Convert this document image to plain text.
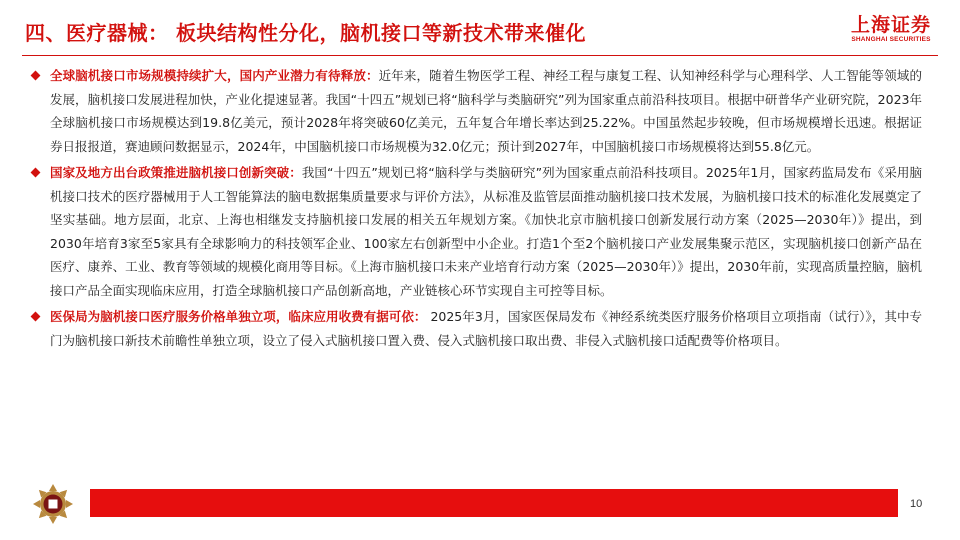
四、医疗器械： 板块结构性分化，脑机接口等新技术带来催化	上海证券
SHANGHAI SECURITIES

全球脑机接口市场规模持续扩大，国内产业潜力有待释放：近年来，随着生物医学工程、神经工程与康复工程、认知神经科学与心理科学、人工智能等领域的发展，脑机接口发展进程加快，产业化提速显著。我国“十四五”规划已将“脑科学与类脑研究”列为国家重点前沿科技项目。根据中研普华产业研究院，2023年全球脑机接口市场规模达到19.8亿美元，预计2028年将突破60亿美元，五年复合年增长率达到25.22%。中国虽然起步较晚，但市场规模增长迅速。根据证券日报报道，赛迪顾问数据显示，2024年，中国脑机接口市场规模为32.0亿元；预计到2027年，中国脑机接口市场规模将达到55.8亿元。

国家及地方出台政策推进脑机接口创新突破：我国“十四五”规划已将“脑科学与类脑研究”列为国家重点前沿科技项目。2025年1月，国家药监局发布《采用脑机接口技术的医疗器械用于人工智能算法的脑电数据集质量要求与评价方法》，从标准及监管层面推动脑机接口技术发展，为脑机接口技术的标准化发展奠定了坚实基础。地方层面，北京、上海也相继发支持脑机接口发展的相关五年规划方案。《加快北京市脑机接口创新发展行动方案（2025—2030年）》提出，到2030年培育3家至5家具有全球影响力的科技领军企业、100家左右创新型中小企业。打造1个至2个脑机接口产业发展集聚示范区，实现脑机接口创新产品在医疗、康养、工业、教育等领域的规模化商用等目标。《上海市脑机接口未来产业培育行动方案（2025—2030年）》提出，2030年前，实现高质量控脑，脑机接口产品全面实现临床应用，打造全球脑机接口产品创新高地，产业链核心环节实现自主可控等目标。

医保局为脑机接口医疗服务价格单独立项，临床应用收费有据可依： 2025年3月，国家医保局发布《神经系统类医疗服务价格项目立项指南（试行）》，其中专门为脑机接口新技术前瞻性单独立项，设立了侵入式脑机接口置入费、侵入式脑机接口取出费、非侵入式脑机接口适配费等价格项目。

10
